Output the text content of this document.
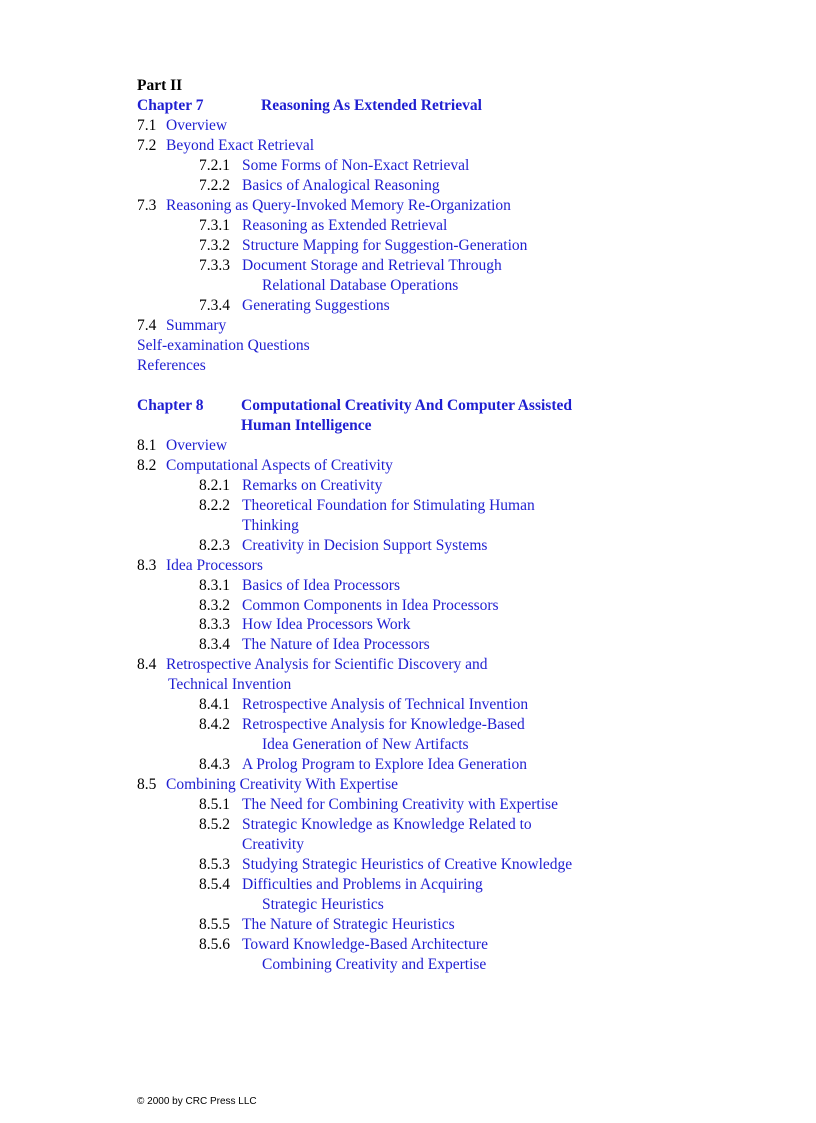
Part II
Chapter 7	Reasoning As Extended Retrieval
7.1 Overview
7.2 Beyond Exact Retrieval
7.2.1 Some Forms of Non-Exact Retrieval
7.2.2 Basics of Analogical Reasoning
7.3 Reasoning as Query-Invoked Memory Re-Organization
7.3.1 Reasoning as Extended Retrieval
7.3.2 Structure Mapping for Suggestion-Generation
7.3.3 Document Storage and Retrieval Through
Relational Database Operations
7.3.4 Generating Suggestions
7.4 Summary
Self-examination Questions
References
Chapter 8 Computational Creativity And Computer Assisted
Human Intelligence
8.1 Overview
8.2 Computational Aspects of Creativity
8.2.1 Remarks on Creativity
8.2.2 Theoretical Foundation for Stimulating Human
Thinking
8.2.3 Creativity in Decision Support Systems
8.3 Idea Processors
8.3.1 Basics of Idea Processors
8.3.2 Common Components in Idea Processors
8.3.3 How Idea Processors Work
8.3.4 The Nature of Idea Processors
8.4 Retrospective Analysis for Scientific Discovery and
Technical Invention
8.4.1 Retrospective Analysis of Technical Invention
8.4.2 Retrospective Analysis for Knowledge-Based
Idea Generation of New Artifacts
8.4.3 A Prolog Program to Explore Idea Generation
8.5 Combining Creativity With Expertise
8.5.1 The Need for Combining Creativity with Expertise
8.5.2 Strategic Knowledge as Knowledge Related to
Creativity
8.5.3 Studying Strategic Heuristics of Creative Knowledge
8.5.4 Difficulties and Problems in Acquiring
Strategic Heuristics
8.5.5 The Nature of Strategic Heuristics
8.5.6 Toward Knowledge-Based Architecture
Combining Creativity and Expertise
© 2000 by CRC Press LLC
